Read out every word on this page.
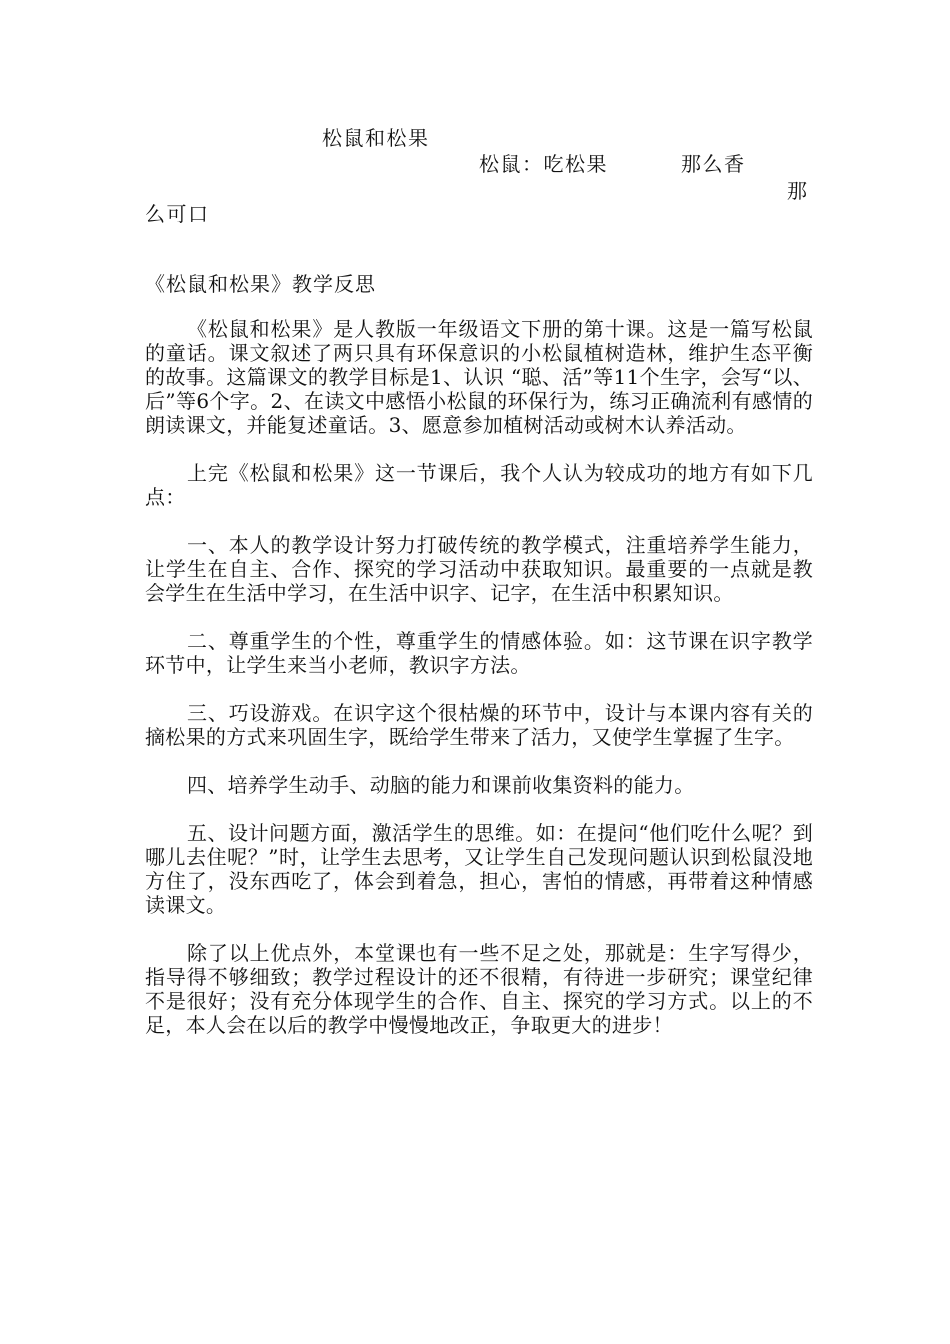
松鼠和松果
松鼠：吃松果	那么香
那
么可口
《松鼠和松果》教学反思

《松鼠和松果》是人教版一年级语文下册的第十课。这是一篇写松鼠的童话。课文叙述了两只具有环保意识的小松鼠植树造林，维护生态平衡的故事。这篇课文的教学目标是1、认识 “聪、活”等11个生字，会写“以、后”等6个字。2、在读文中感悟小松鼠的环保行为，练习正确流利有感情的朗读课文，并能复述童话。3、愿意参加植树活动或树木认养活动。

上完《松鼠和松果》这一节课后，我个人认为较成功的地方有如下几点：

一、本人的教学设计努力打破传统的教学模式，注重培养学生能力，让学生在自主、合作、探究的学习活动中获取知识。最重要的一点就是教会学生在生活中学习，在生活中识字、记字，在生活中积累知识。

二、尊重学生的个性，尊重学生的情感体验。如：这节课在识字教学环节中，让学生来当小老师，教识字方法。

三、巧设游戏。在识字这个很枯燥的环节中，设计与本课内容有关的摘松果的方式来巩固生字，既给学生带来了活力，又使学生掌握了生字。

四、培养学生动手、动脑的能力和课前收集资料的能力。

五、设计问题方面，激活学生的思维。如：在提问“他们吃什么呢？到哪儿去住呢？”时，让学生去思考，又让学生自己发现问题认识到松鼠没地方住了，没东西吃了，体会到着急，担心，害怕的情感，再带着这种情感读课文。

除了以上优点外，本堂课也有一些不足之处，那就是：生字写得少，指导得不够细致；教学过程设计的还不很精，有待进一步研究；课堂纪律不是很好；没有充分体现学生的合作、自主、探究的学习方式。以上的不足，本人会在以后的教学中慢慢地改正，争取更大的进步！
